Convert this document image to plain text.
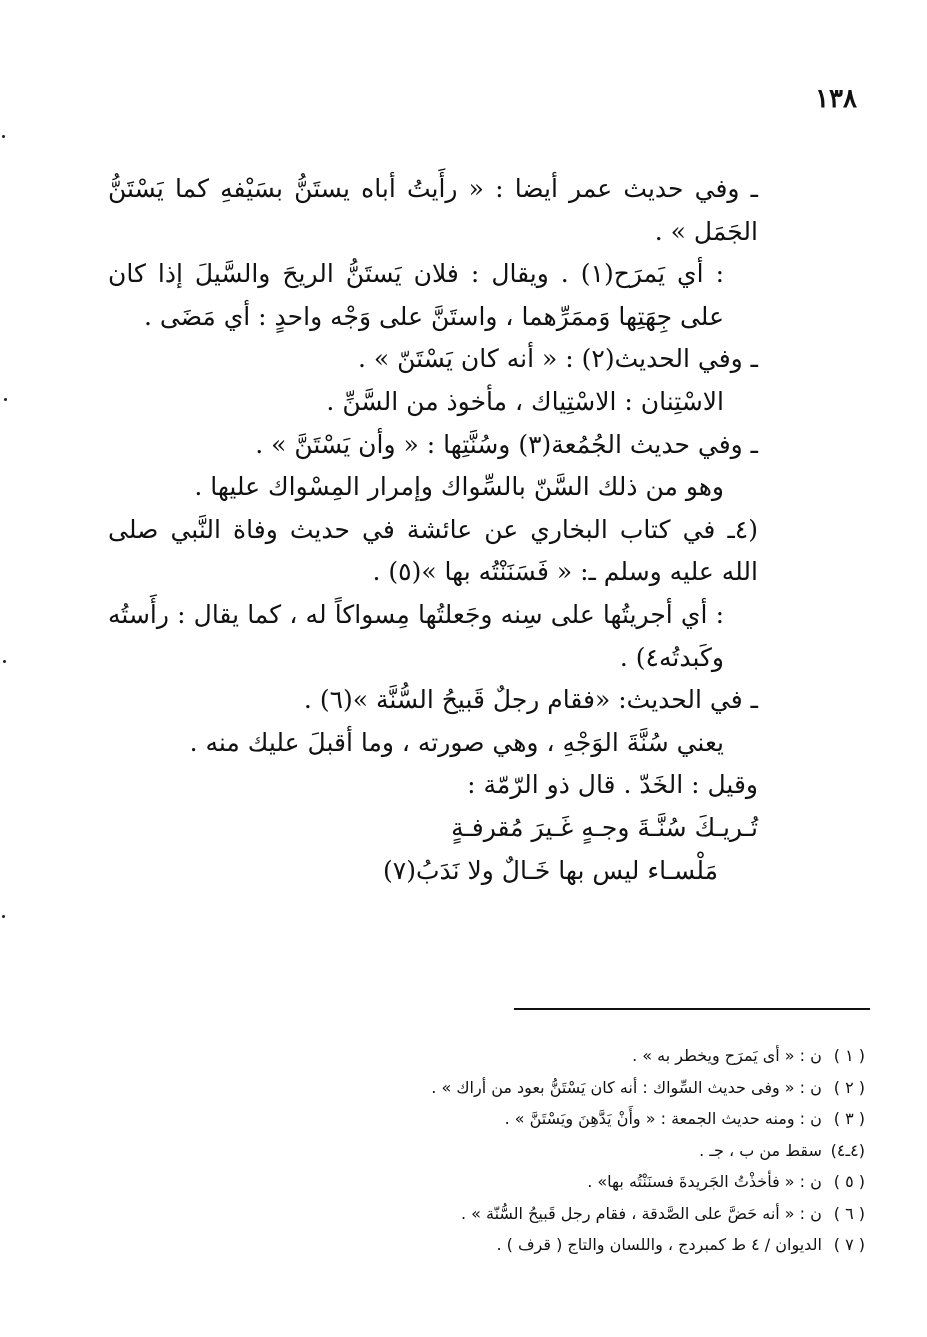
١٣٨

ـ وفي حديث عمر أيضا : « رأَيتُ أباه يستَنُّ بسَيْفهِ كما يَسْتَنُّ الجَمَل » .

: أي يَمرَح(١) . ويقال : فلان يَستَنُّ الريحَ والسَّيلَ إذا كان على جِهَتِها وَممَرِّهما ، واستَنَّ على وَجْه واحدٍ : أي مَضَى .

ـ وفي الحديث(٢) : « أنه كان يَسْتَنّ » .

الاسْتِنان : الاسْتِياك ، مأخوذ من السَّنِّ .

ـ وفي حديث الجُمُعة(٣) وسُنَّتِها : « وأن يَسْتَنَّ » .

وهو من ذلك السَّنّ بالسِّواك وإمرار المِسْواك عليها .

(٤ـ في كتاب البخاري عن عائشة في حديث وفاة النَّبي صلى الله عليه وسلم ـ: « فَسَنَنْتُه بها »(٥) .

: أي أجريتُها على سِنه وجَعلتُها مِسواكاً له ، كما يقال : رأَستُه وكَبدتُه٤) .

ـ في الحديث: «فقام رجلٌ قَبيحُ السُّنَّة »(٦) .

يعني سُنَّةَ الوَجْهِ ، وهي صورته ، وما أقبلَ عليك منه .

وقيل : الخَدّ . قال ذو الرّمّة :

تُـريـكَ سُنَّـةَ وجـهٍ غَـيرَ مُقرفـةٍ

مَلْسـاء ليس بها خَـالٌ ولا نَدَبُ(٧)

( ١ ) ن : « أى يَمرَح ويخطر به » .

( ٢ ) ن : « وفى حديث السِّواك : أنه كان يَسْتَنُّ بعود من أراك » .

( ٣ ) ن : ومنه حديث الجمعة : « وأَنْ يَدَّهِنَ ويَسْتَنَّ » .

(٤ـ٤) سقط من ب ، جـ .

( ٥ ) ن : « فأخذْتُ الجَريدةَ فسنَنْتُه بها» .

( ٦ ) ن : « أنه حَضَّ على الصَّدقة ، فقام رجل قَبيحُ السُّنّة » .

( ٧ ) الديوان / ٤ ط كمبردج ، واللسان والتاج ( قرف ) .
